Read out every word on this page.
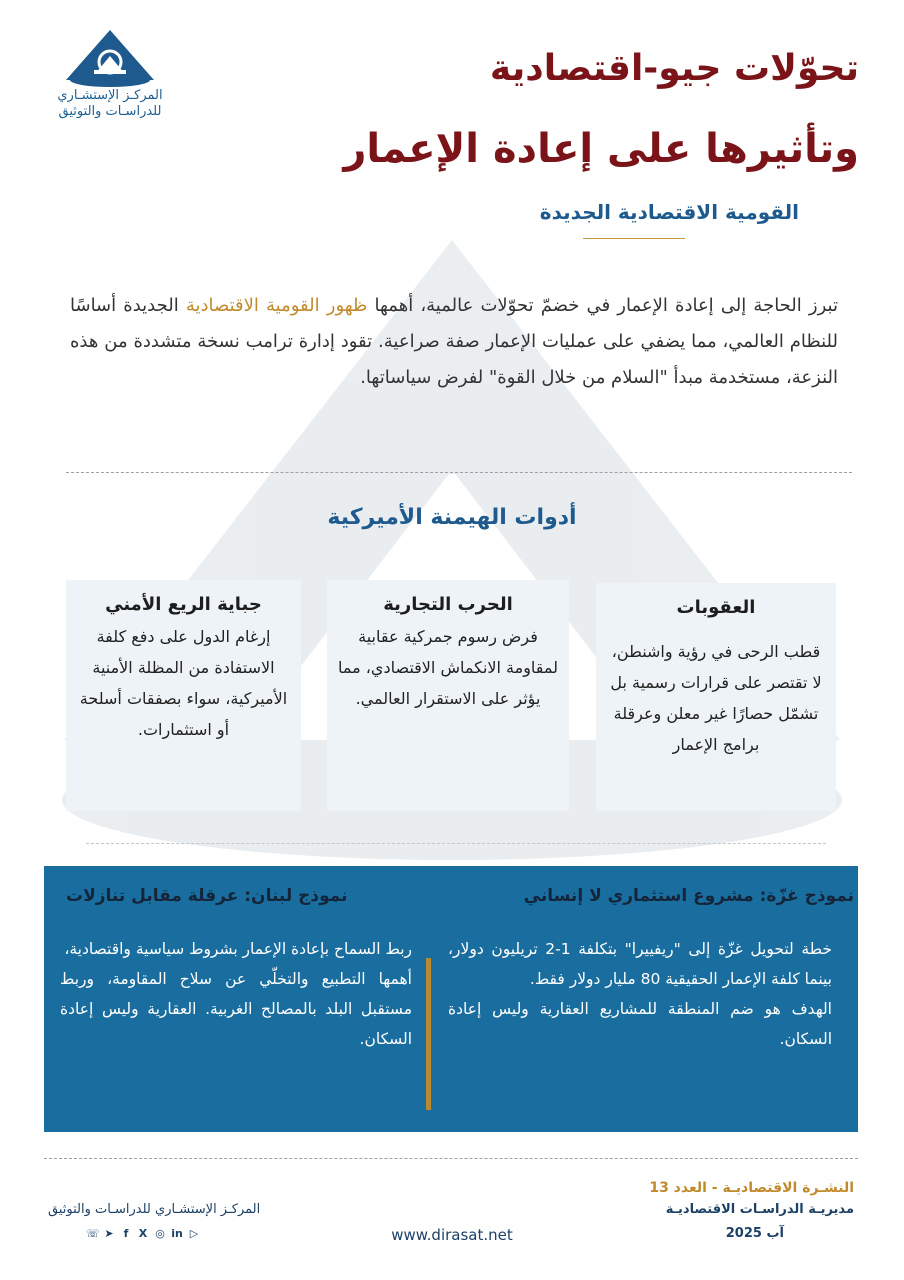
المركـز الإستشـاري
للدراسـات والتوثيق
تحوّلات جيو-اقتصادية
وتأثيرها على إعادة الإعمار
القومية الاقتصادية الجديدة
تبرز الحاجة إلى إعادة الإعمار في خضمّ تحوّلات عالمية، أهمها ظهور القومية الاقتصادية الجديدة أساسًا للنظام العالمي، مما يضفي على عمليات الإعمار صفة صراعية. تقود إدارة ترامب نسخة متشددة من هذه النزعة، مستخدمة مبدأ "السلام من خلال القوة" لفرض سياساتها.
أدوات الهيمنة الأميركية
العقوبات

قطب الرحى في رؤية واشنطن، لا تقتصر على قرارات رسمية بل تشمّل حصارًا غير معلن وعرقلة برامج الإعمار

الحرب التجارية

فرض رسوم جمركية عقابية لمقاومة الانكماش الاقتصادي، مما يؤثر على الاستقرار العالمي.

جباية الريع الأمني

إرغام الدول على دفع كلفة الاستفادة من المظلة الأمنية الأميركية، سواء بصفقات أسلحة أو استثمارات.

نموذج غزّة: مشروع استثماري لا إنساني
نموذج لبنان: عرقلة مقابل تنازلات
خطة لتحويل غزّة إلى "ريفييرا" بتكلفة 1-2 تريليون دولار، بينما كلفة الإعمار الحقيقية 80 مليار دولار فقط.
الهدف هو ضم المنطقة للمشاريع العقارية وليس إعادة السكان.
ربط السماح بإعادة الإعمار بشروط سياسية واقتصادية،
أهمها التطبيع والتخلّي عن سلاح المقاومة، وربط مستقبل البلد بالمصالح الغربية. العقارية وليس إعادة السكان.
النشـرة الاقتصاديـة - العدد 13
مديريـة الدراسـات الاقتصاديـة
آب 2025
www.dirasat.net
المركـز الإستشـاري للدراسـات والتوثيق
☏ ➤ f X ◎ in ▷
